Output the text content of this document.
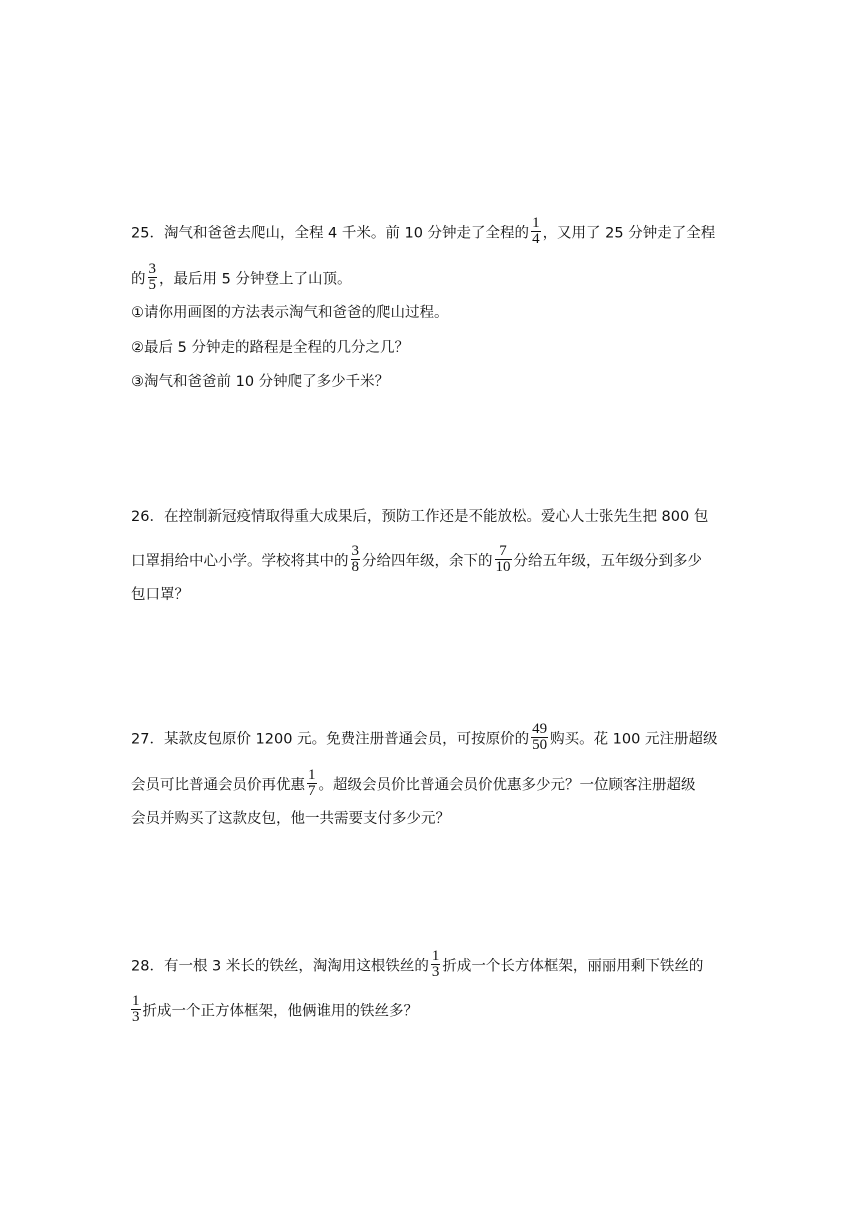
25．淘气和爸爸去爬山，全程 4 千米。前 10 分钟走了全程的 $\frac{1}{4}$ ，又用了 25 分钟走了全程
的 $\frac{3}{5}$ ，最后用 5 分钟登上了山顶。
①请你用画图的方法表示淘气和爸爸的爬山过程。
②最后 5 分钟走的路程是全程的几分之几？
③淘气和爸爸前 10 分钟爬了多少千米？
26．在控制新冠疫情取得重大成果后，预防工作还是不能放松。爱心人士张先生把 800 包
口罩捐给中心小学。学校将其中的 $\frac{3}{8}$ 分给四年级，余下的 $\frac{7}{10}$ 分给五年级，五年级分到多少
包口罩？
27．某款皮包原价 1200 元。免费注册普通会员，可按原价的 $\frac{49}{50}$ 购买。花 100 元注册超级
会员可比普通会员价再优惠 $\frac{1}{7}$ 。超级会员价比普通会员价优惠多少元？一位顾客注册超级
会员并购买了这款皮包，他一共需要支付多少元？
28．有一根 3 米长的铁丝，淘淘用这根铁丝的 $\frac{1}{3}$ 折成一个长方体框架，丽丽用剩下铁丝的
$\frac{1}{3}$ 折成一个正方体框架，他俩谁用的铁丝多？
